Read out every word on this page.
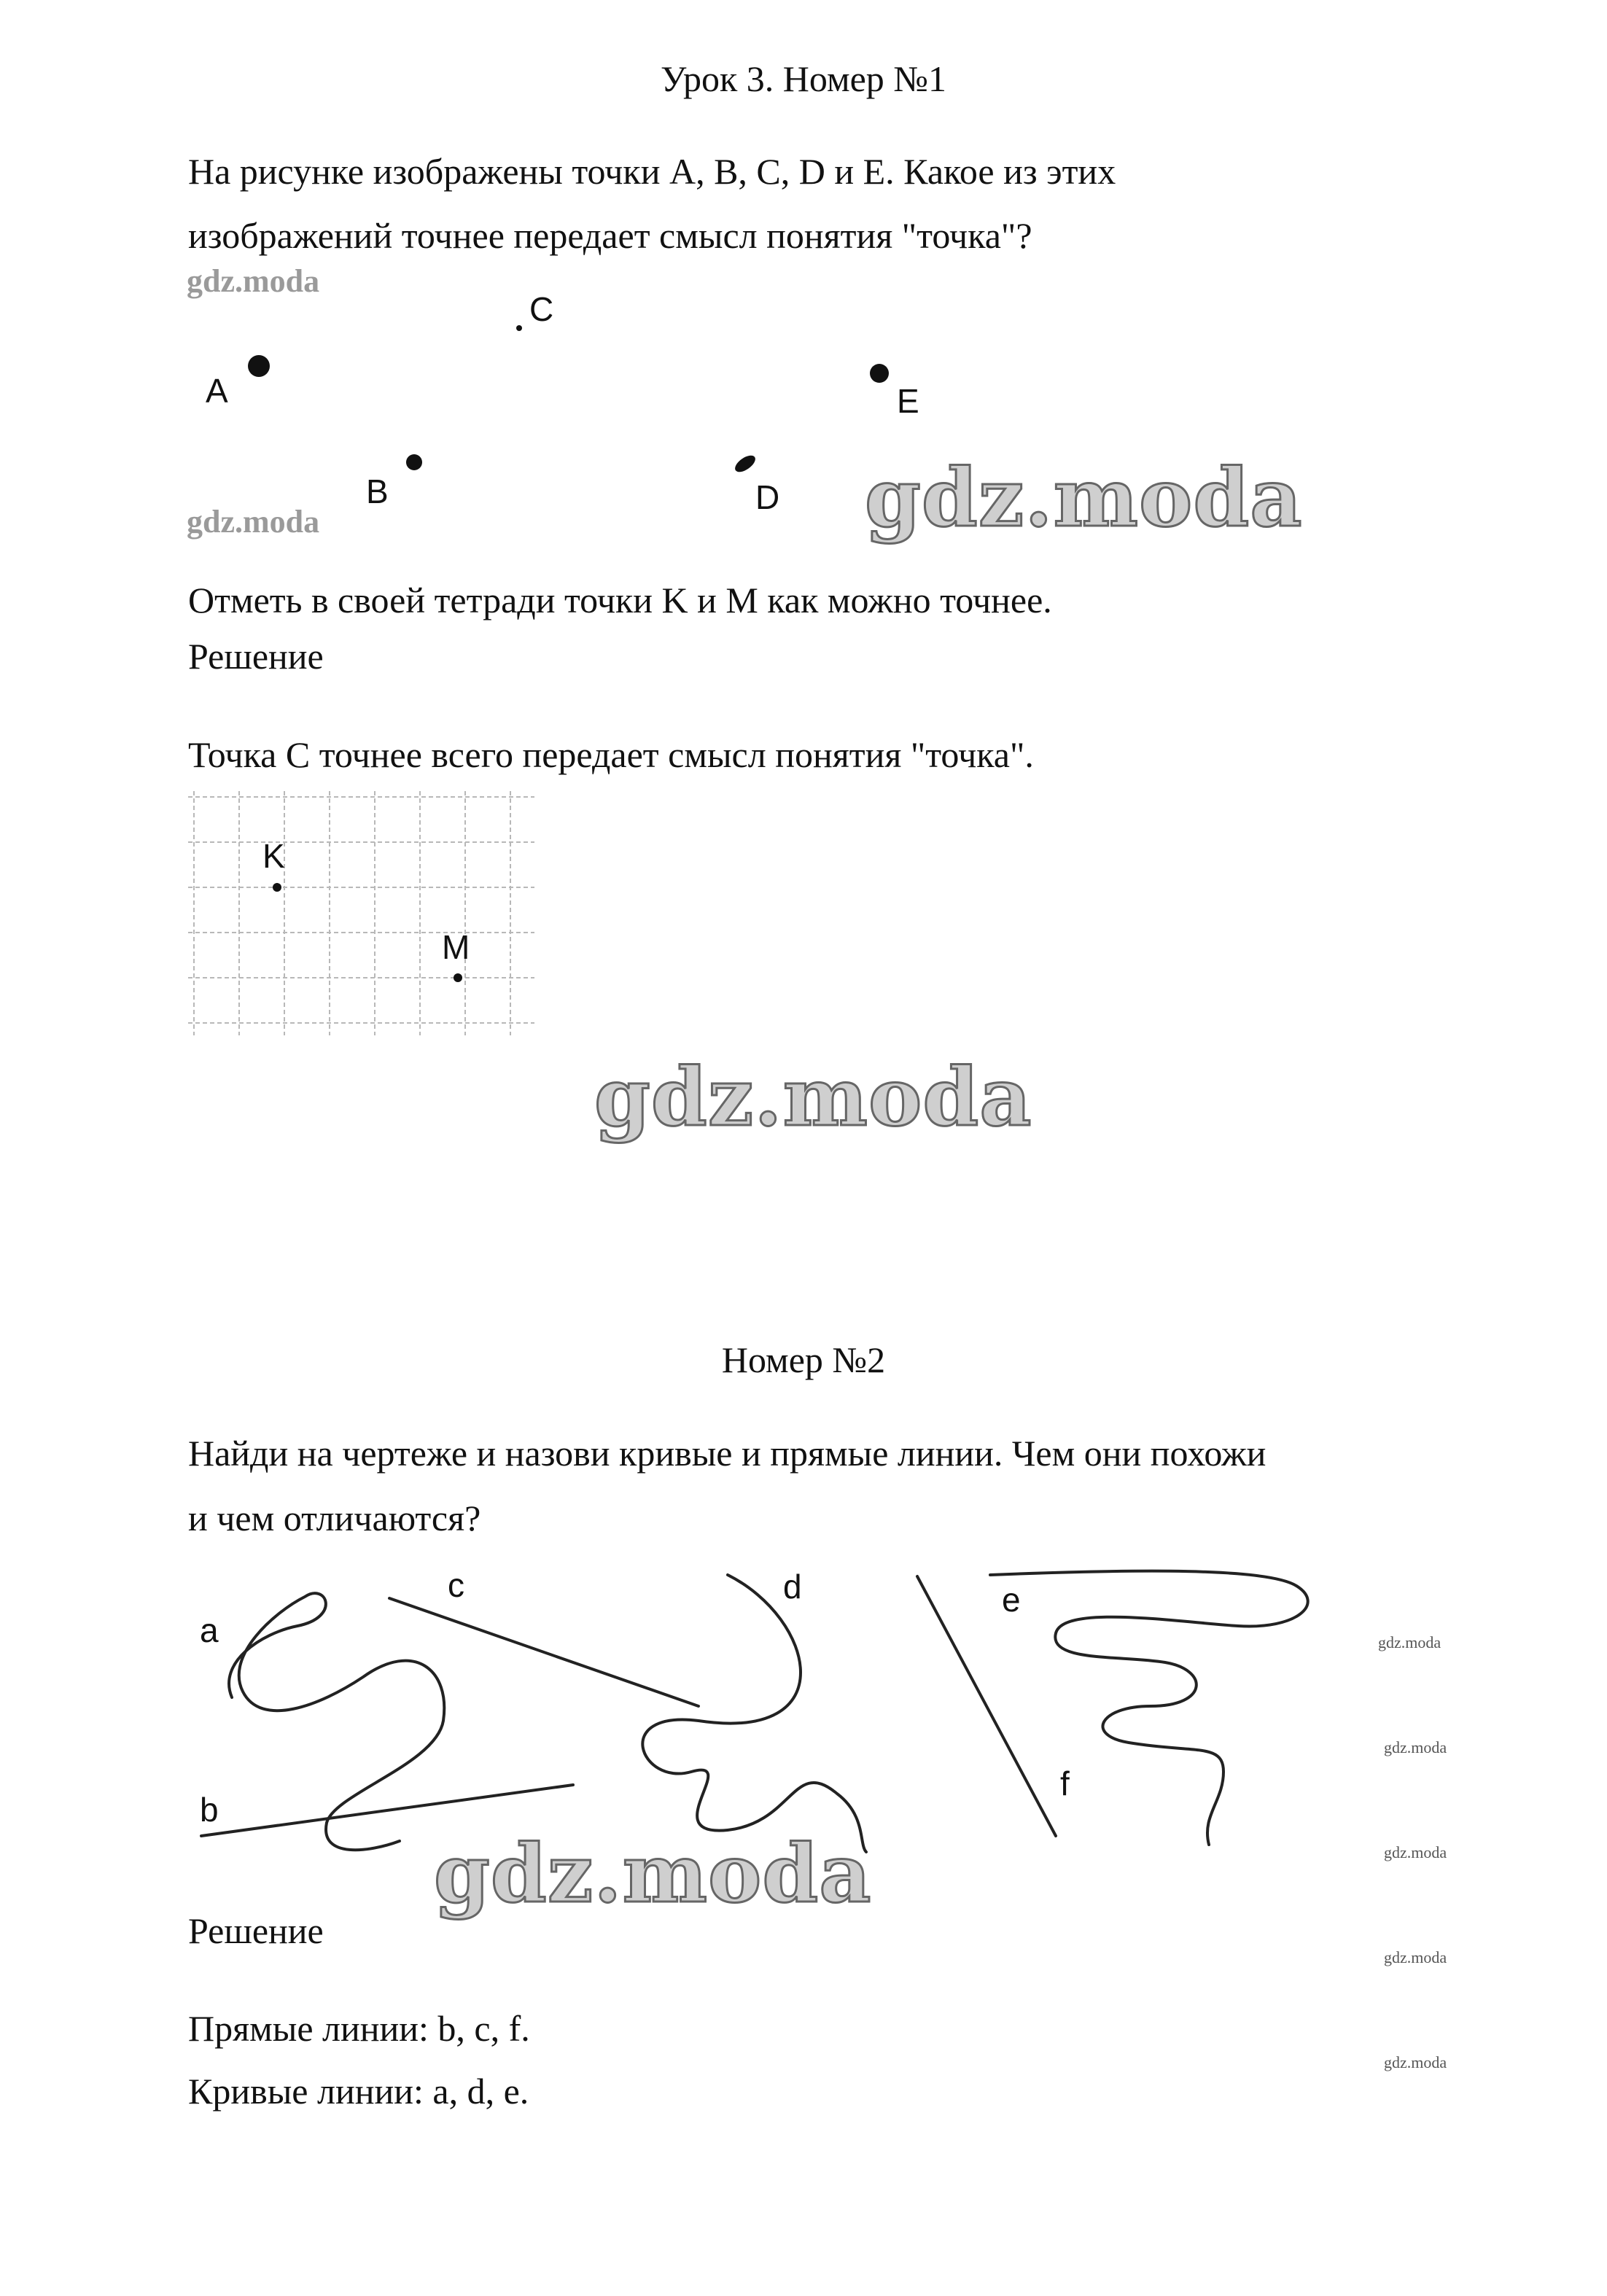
Урок 3. Номер №1
На рисунке изображены точки A, B, C, D и E. Какое из этих
изображений точнее передает смысл понятия "точка"?
gdz.moda
A
B
C
D
E
gdz.moda	gdz.moda
Отметь в своей тетради точки K и M как можно точнее.
Решение
Точка C точнее всего передает смысл понятия "точка".
K
M
gdz.moda
Номер №2
Найди на чертеже и назови кривые и прямые линии. Чем они похожи
и чем отличаются?
a
c
b
d	e
f
gdz.moda
gdz.moda
gdz.moda
gdz.moda
gdz.moda
gdz.moda
Решение
Прямые линии: b, c, f.
Кривые линии: a, d, e.
